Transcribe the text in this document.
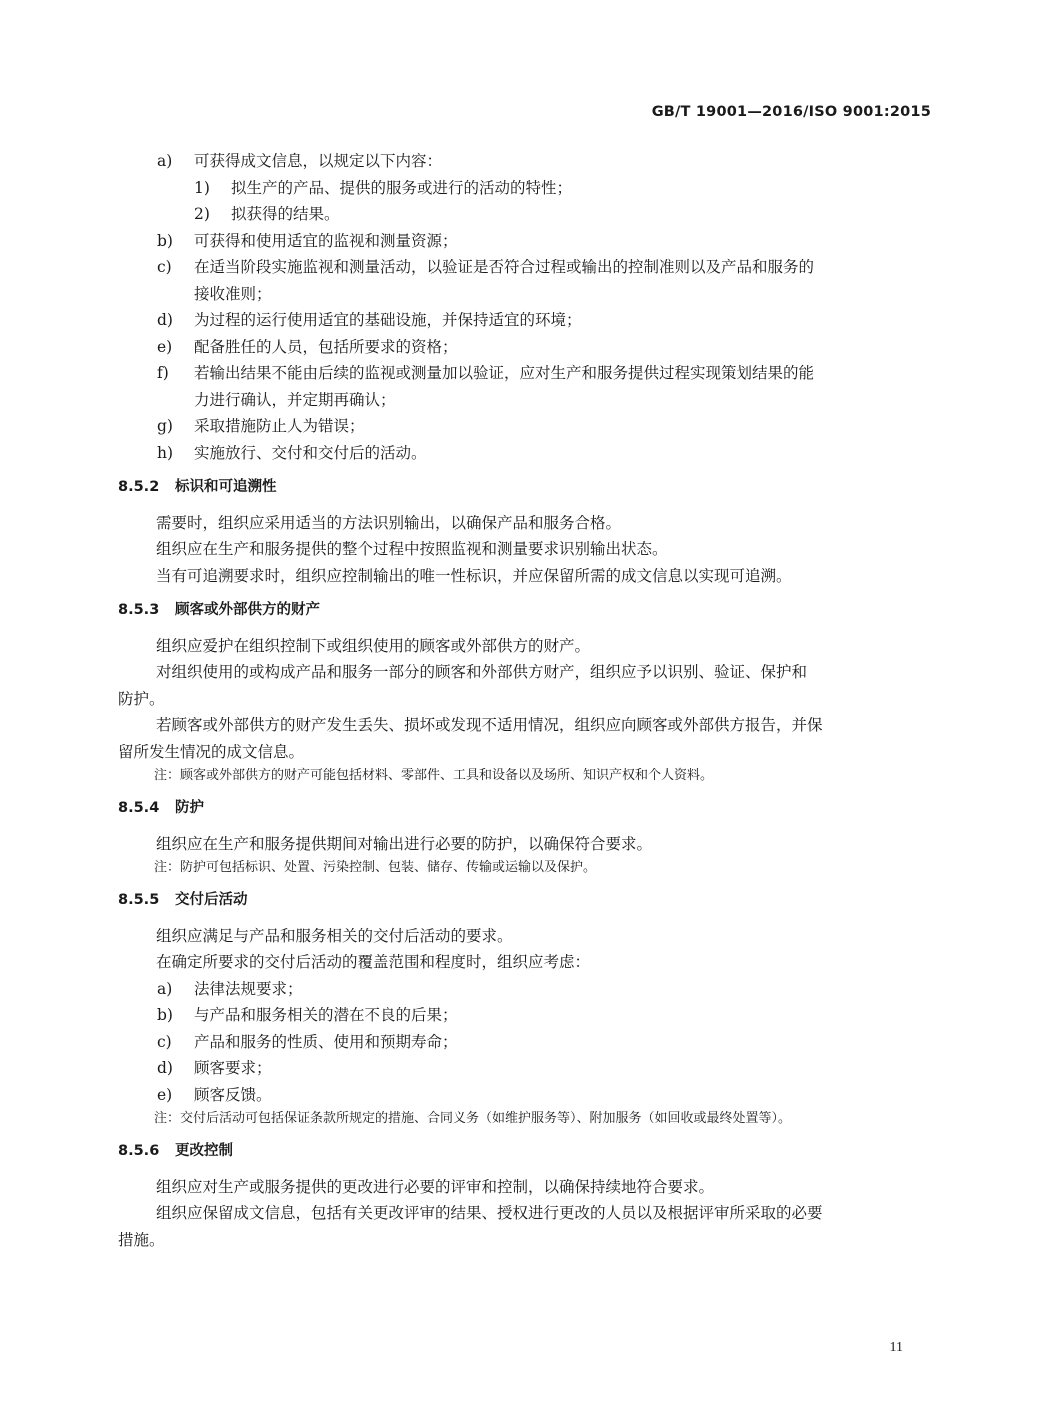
GB/T 19001—2016/ISO 9001:2015
a)	可获得成文信息，以规定以下内容：
1)	拟生产的产品、提供的服务或进行的活动的特性；
2)	拟获得的结果。
b)	可获得和使用适宜的监视和测量资源；
c)	在适当阶段实施监视和测量活动，以验证是否符合过程或输出的控制准则以及产品和服务的
接收准则；
d)	为过程的运行使用适宜的基础设施，并保持适宜的环境；
e)	配备胜任的人员，包括所要求的资格；
f)	若输出结果不能由后续的监视或测量加以验证，应对生产和服务提供过程实现策划结果的能
力进行确认，并定期再确认；
g)	采取措施防止人为错误；
h)	实施放行、交付和交付后的活动。
8.5.2 标识和可追溯性
需要时，组织应采用适当的方法识别输出，以确保产品和服务合格。
组织应在生产和服务提供的整个过程中按照监视和测量要求识别输出状态。
当有可追溯要求时，组织应控制输出的唯一性标识，并应保留所需的成文信息以实现可追溯。
8.5.3 顾客或外部供方的财产
组织应爱护在组织控制下或组织使用的顾客或外部供方的财产。
对组织使用的或构成产品和服务一部分的顾客和外部供方财产，组织应予以识别、验证、保护和
防护。
若顾客或外部供方的财产发生丢失、损坏或发现不适用情况，组织应向顾客或外部供方报告，并保
留所发生情况的成文信息。
注：顾客或外部供方的财产可能包括材料、零部件、工具和设备以及场所、知识产权和个人资料。
8.5.4 防护
组织应在生产和服务提供期间对输出进行必要的防护，以确保符合要求。
注：防护可包括标识、处置、污染控制、包装、储存、传输或运输以及保护。
8.5.5 交付后活动
组织应满足与产品和服务相关的交付后活动的要求。
在确定所要求的交付后活动的覆盖范围和程度时，组织应考虑：
a)	法律法规要求；
b)	与产品和服务相关的潜在不良的后果；
c)	产品和服务的性质、使用和预期寿命；
d)	顾客要求；
e)	顾客反馈。
注：交付后活动可包括保证条款所规定的措施、合同义务（如维护服务等）、附加服务（如回收或最终处置等）。
8.5.6 更改控制
组织应对生产或服务提供的更改进行必要的评审和控制，以确保持续地符合要求。
组织应保留成文信息，包括有关更改评审的结果、授权进行更改的人员以及根据评审所采取的必要
措施。
11
